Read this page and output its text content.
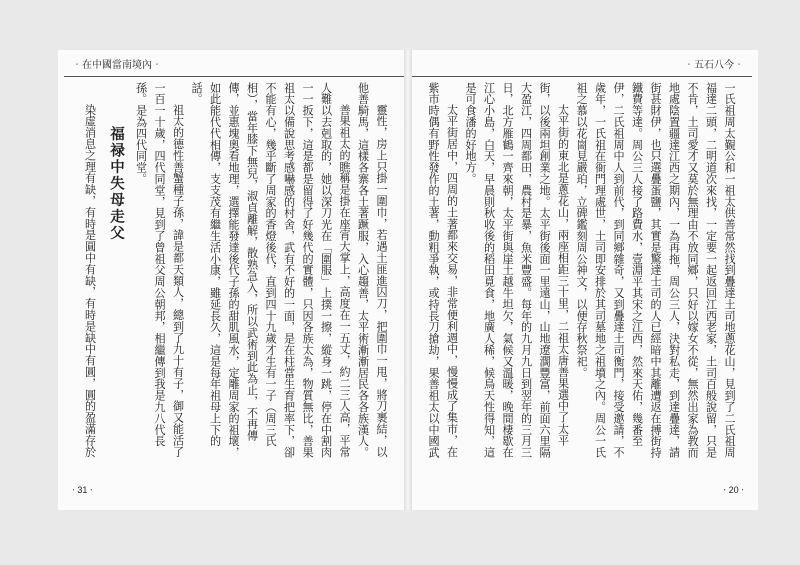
‧在中國當南境內‧

靈性，房上只掛一圍巾，若遇土匪進囚刀，把圍巾一甩，將刀裹結，以他善騎馬，這樣各寨各土著蹶服，入心趨善，太平術漸漸居民各各族漢人。

善果祖太的瞧稱是掛在座宵大掌上，高度在一五丈，約二三人高，平常人難以去剋取的，她以深刀光在「圍服」上撲一擦，縱身一跳，停在中割肉一一扳下，這是都是留得了好幾代的實體，只因各族太為，物質無比，善果祖太以備說思考感嚇感的村舍，武有不好的一面，是在柱當生育把率下，卻不能有心，幾乎斷了周家的香燈後代，直到四十九歲才生有一子（周三氏相），當年膝下無兒，淑貞離解，散熟急入，所以武術到此為止，不再傳傳，並惠塊奧看地理，選擇能發達後代子孫的甜肌風水，定雕周家的祖壞，如此能代代相傳，支支茂有繼生活小康，雖延長久，這是每年祖母上下的話。

祖太的德性善蟹種子孫，諱是都天類人，總到了九十有子，御又能活了一百一十歲，四代同堂，見到了曾祖父周公朝邦，相繼傳到我是九八代長孫。是為四代同堂。

福禄中失母走父

染虛消息之理有缺，有時是圓中有缺，有時是缺中有圓，圓的盈滿存於

‧ 31 ‧
‧五石八今‧

一氏祖周太覲公和一祖太供善常然找到疊達土司地蔥花山，見到了二氏祖周福達二頭，二明道次來找，一定要一起返回江西老家，土司百般說留，只是不肯，土司愛才又莫於無理由不放同鄉，只好以嫁女不從，無然出家為教而地處陰置疆達江西之期內，一為再拖，周公三人，決對私走，到達疊達，請街甚財伊，也只選疊蛋鹽，其實是驚達士司的人已經暗中其離遭返在搏街持鐵費等達。周公三人接了路費水，壹淵平其宋之江西，然來天佑，幾番至伊，二氏祖周中人到前代，到同鄉雜奇，又到疊達土司衡門，接受邀請，不歲年，一氏祖在衙門理處世，土司即安排於其司墓地之祖墳之內。周公一氏祖之慕以花崗見嚴珀，立碑鑑刻周公神文，以便存秋祭祀。

太平街的東北是蔥花山，兩座相距三十里，二祖太唐善果選中了太平街，以後兩坦創業之地。太平街後面一里遠山，山地遼濶豐富，前面六里隔大盈江，四周都田，農村是暴，魚米豐盛。每年的九月九日到翌年的三月三日，北方雁鶴一齊來朝，太平街與崖土越牛坦欠，氣候又溫暖，晚間棲歇在江心小島，白天，早晨則秋收後的稻田覓食，地廣人稀，候鳥天性得知，這是可食潘的好地方。

太平街居中，四周的土著都來交易，非常便利週中，慢慢成了集市，在紫市時偶有野性發作的土著，動粗爭執，或持長刀搶劫，果善祖太以中國武

‧ 20 ‧
